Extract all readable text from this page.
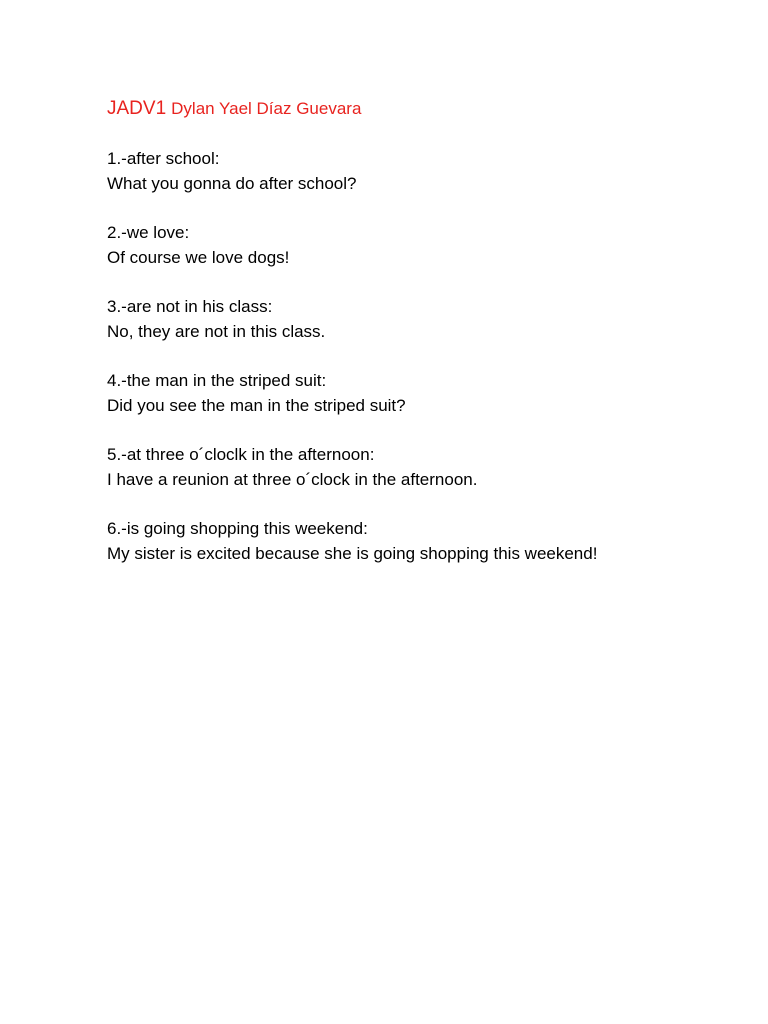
JADV1 Dylan Yael Díaz Guevara
1.-after school:
What you gonna do after school?
2.-we love:
Of course we love dogs!
3.-are not in his class:
No, they are not in this class.
4.-the man in the striped suit:
Did you see the man in the striped suit?
5.-at three o´cloclk in the afternoon:
I have a reunion at three o´clock in the afternoon.
6.-is going shopping this weekend:
My sister is excited because she is going shopping this weekend!
